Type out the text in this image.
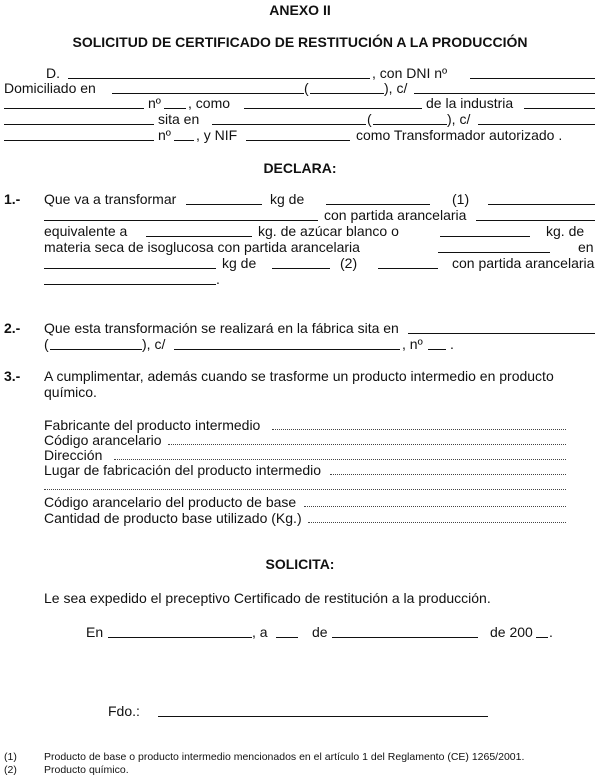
ANEXO II
SOLICITUD DE CERTIFICADO DE RESTITUCIÓN A LA PRODUCCIÓN
D.	, con DNI nº
Domiciliado en	(	), c/
nº , como	de la industria
sita en	(	), c/
nº , y NIF	como Transformador autorizado .
DECLARA:
1.- Que va a transformar	kg de	(1)
con partida arancelaria
equivalente a	kg. de azúcar blanco o	kg. de
materia seca de isoglucosa con partida arancelaria	en
kg de	(2)	con partida arancelaria
.
2.- Que esta transformación se realizará en la fábrica sita en
(	), c/	, nº .
3.- A cumplimentar, además cuando se trasforme un producto intermedio en producto
químico.
Fabricante del producto intermedio
Código arancelario
Dirección
Lugar de fabricación del producto intermedio
Código arancelario del producto de base
Cantidad de producto base utilizado (Kg.)
SOLICITA:
Le sea expedido el preceptivo Certificado de restitución a la producción.
En	, a	de	de 200 .
Fdo.:
(1)	Producto de base o producto intermedio mencionados en el artículo 1 del Reglamento (CE) 1265/2001.
(2)	Producto químico.
